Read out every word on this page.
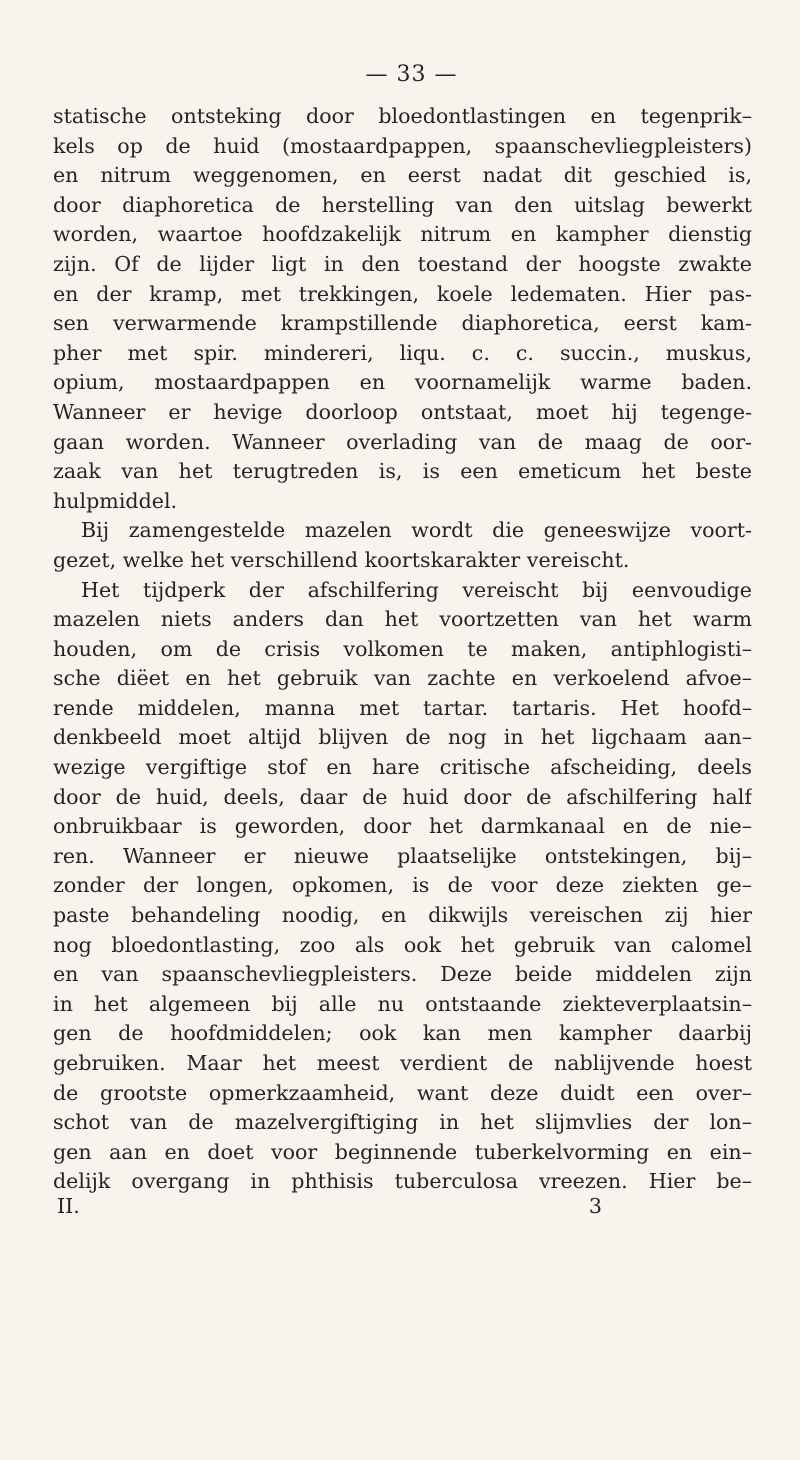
— 33 —
statische ontsteking door bloedontlastingen en tegenprik–
kels op de huid (mostaardpappen, spaanschevliegpleisters)
en nitrum weggenomen, en eerst nadat dit geschied is,
door diaphoretica de herstelling van den uitslag bewerkt
worden, waartoe hoofdzakelijk nitrum en kampher dienstig
zijn. Of de lijder ligt in den toestand der hoogste zwakte
en der kramp, met trekkingen, koele ledematen. Hier pas-
sen verwarmende krampstillende diaphoretica, eerst kam-
pher met spir. mindereri, liqu. c. c. succin., muskus,
opium, mostaardpappen en voornamelijk warme baden.
Wanneer er hevige doorloop ontstaat, moet hij tegenge-
gaan worden. Wanneer overlading van de maag de oor-
zaak van het terugtreden is, is een emeticum het beste
hulpmiddel.
Bij zamengestelde mazelen wordt die geneeswijze voort-
gezet, welke het verschillend koortskarakter vereischt.
Het tijdperk der afschilfering vereischt bij eenvoudige
mazelen niets anders dan het voortzetten van het warm
houden, om de crisis volkomen te maken, antiphlogisti–
sche diëet en het gebruik van zachte en verkoelend afvoe–
rende middelen, manna met tartar. tartaris. Het hoofd–
denkbeeld moet altijd blijven de nog in het ligchaam aan–
wezige vergiftige stof en hare critische afscheiding, deels
door de huid, deels, daar de huid door de afschilfering half
onbruikbaar is geworden, door het darmkanaal en de nie–
ren. Wanneer er nieuwe plaatselijke ontstekingen, bij–
zonder der longen, opkomen, is de voor deze ziekten ge–
paste behandeling noodig, en dikwijls vereischen zij hier
nog bloedontlasting, zoo als ook het gebruik van calomel
en van spaanschevliegpleisters. Deze beide middelen zijn
in het algemeen bij alle nu ontstaande ziekteverplaatsin–
gen de hoofdmiddelen; ook kan men kampher daarbij
gebruiken. Maar het meest verdient de nablijvende hoest
de grootste opmerkzaamheid, want deze duidt een over–
schot van de mazelvergiftiging in het slijmvlies der lon–
gen aan en doet voor beginnende tuberkelvorming en ein–
delijk overgang in phthisis tuberculosa vreezen. Hier be–
II.	3
